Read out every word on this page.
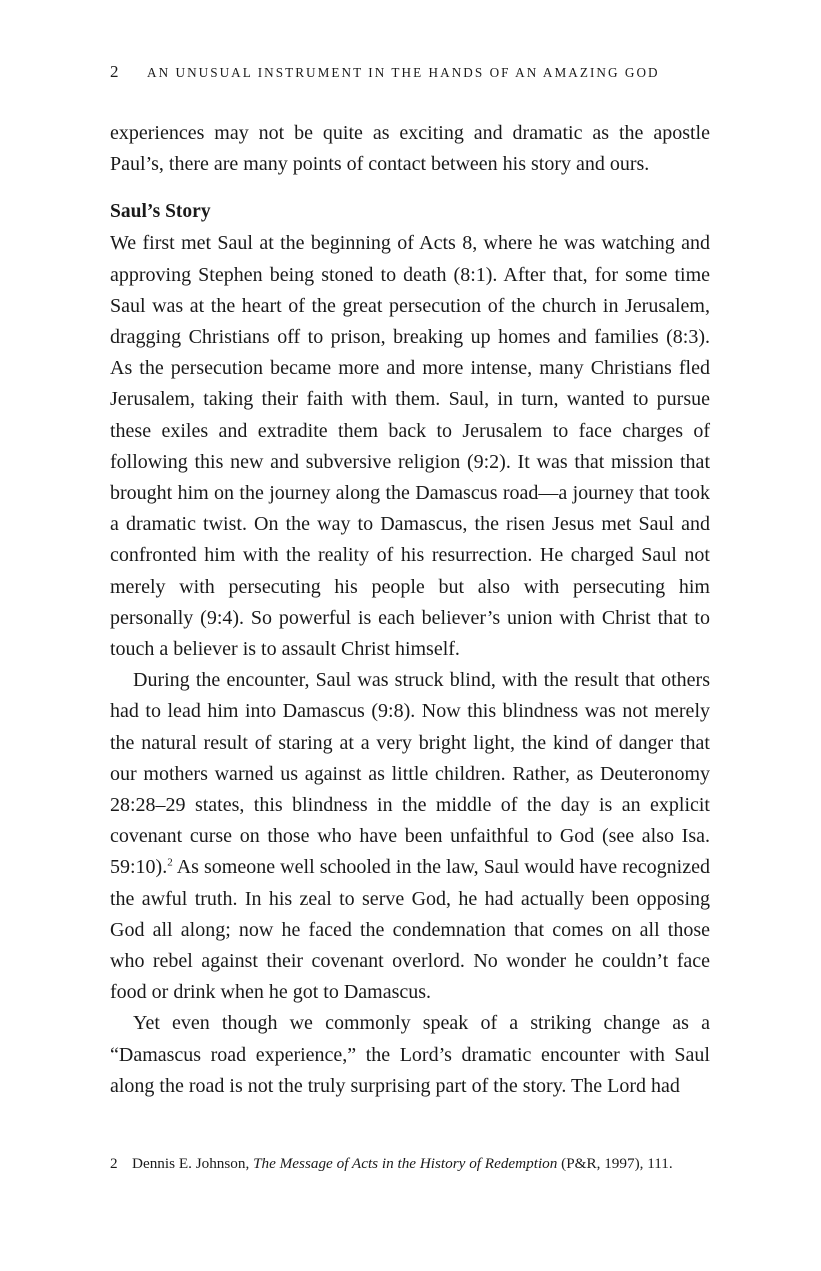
2	AN UNUSUAL INSTRUMENT IN THE HANDS OF AN AMAZING GOD

experiences may not be quite as exciting and dramatic as the apostle Paul’s, there are many points of contact between his story and ours.

Saul’s Story

We first met Saul at the beginning of Acts 8, where he was watching and approving Stephen being stoned to death (8:1). After that, for some time Saul was at the heart of the great persecution of the church in Jerusalem, dragging Christians off to prison, breaking up homes and families (8:3). As the persecution became more and more intense, many Christians fled Jerusalem, taking their faith with them. Saul, in turn, wanted to pursue these exiles and extradite them back to Jerusalem to face charges of following this new and subversive religion (9:2). It was that mission that brought him on the journey along the Damascus road—a journey that took a dramatic twist. On the way to Damascus, the risen Jesus met Saul and confronted him with the reality of his resurrection. He charged Saul not merely with persecuting his people but also with persecuting him personally (9:4). So powerful is each believer’s union with Christ that to touch a believer is to assault Christ himself.

During the encounter, Saul was struck blind, with the result that others had to lead him into Damascus (9:8). Now this blindness was not merely the natural result of staring at a very bright light, the kind of danger that our mothers warned us against as little children. Rather, as Deuteronomy 28:28–29 states, this blindness in the middle of the day is an explicit covenant curse on those who have been unfaithful to God (see also Isa. 59:10).$^2$ As someone well schooled in the law, Saul would have recognized the awful truth. In his zeal to serve God, he had actually been opposing God all along; now he faced the condemnation that comes on all those who rebel against their covenant overlord. No wonder he couldn’t face food or drink when he got to Damascus.

Yet even though we commonly speak of a striking change as a “Damascus road experience,” the Lord’s dramatic encounter with Saul along the road is not the truly surprising part of the story. The Lord had

2 Dennis E. Johnson, The Message of Acts in the History of Redemption (P&R, 1997), 111.
